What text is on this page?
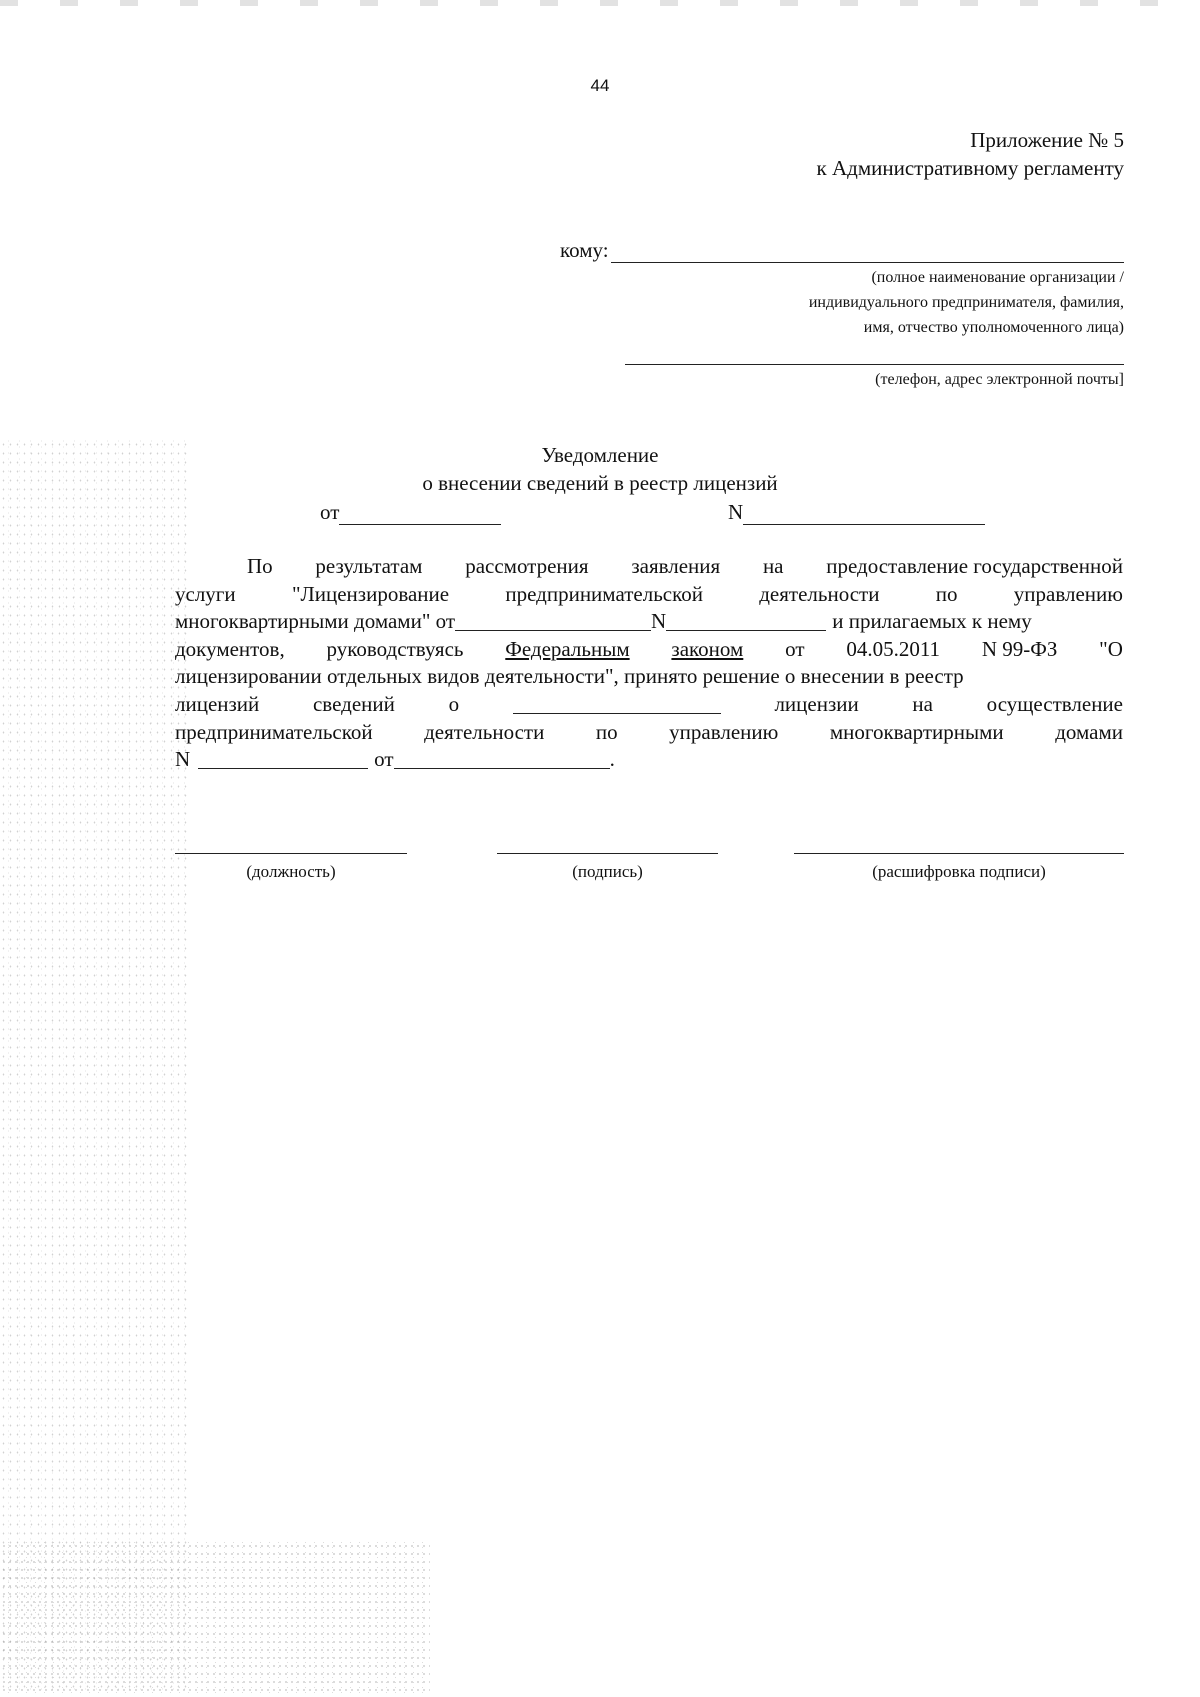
44
Приложение № 5
к Административному регламенту
кому:
(полное наименование организации /
индивидуального предпринимателя, фамилия,
имя, отчество уполномоченного лица)
(телефон, адрес электронной почты]
Уведомление
о внесении сведений в реестр лицензий
от	N
По результатам рассмотрения заявления на предоставление государственной
услуги	"Лицензирование	предпринимательской	деятельности	по	управлению
многоквартирными домами" от	N	и прилагаемых к нему
документов, руководствуясь Федеральным законом от 04.05.2011 N 99-ФЗ "О
лицензировании отдельных видов деятельности", принято решение о внесении в реестр
лицензий	сведений	о	лицензии	на	осуществление
предпринимательской деятельности по управлению многоквартирными домами
N	от	.
(должность)	(подпись)	(расшифровка подписи)
